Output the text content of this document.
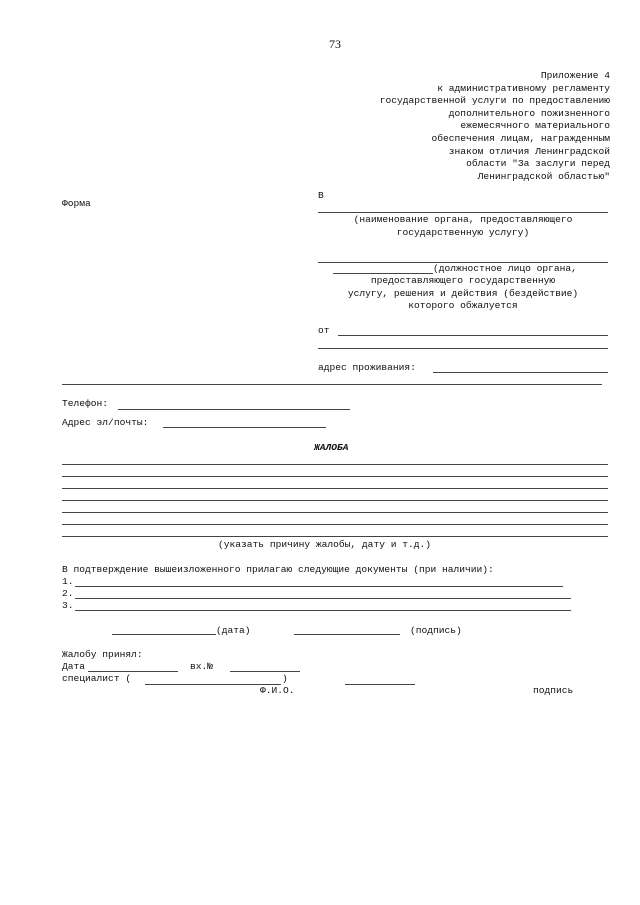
73
Приложение 4
к административному регламенту
государственной услуги по предоставлению
дополнительного пожизненного
ежемесячного материального
обеспечения лицам, награжденным
знаком отличия Ленинградской
области "За заслуги перед
Ленинградской областью"
Форма
В
(наименование органа, предоставляющего
государственную услугу)
(должностное лицо органа,
предоставляющего государственную
услугу, решения и действия (бездействие)
которого обжалуется
от
адрес проживания:
Телефон:
Адрес эл/почты:
ЖАЛОБА
(указать причину жалобы, дату и т.д.)
В подтверждение вышеизложенного прилагаю следующие документы (при наличии):
1.
2.
3.
(дата)	(подпись)
Жалобу принял:
Дата	вх.№
специалист (	)
Ф.И.О.	подпись
